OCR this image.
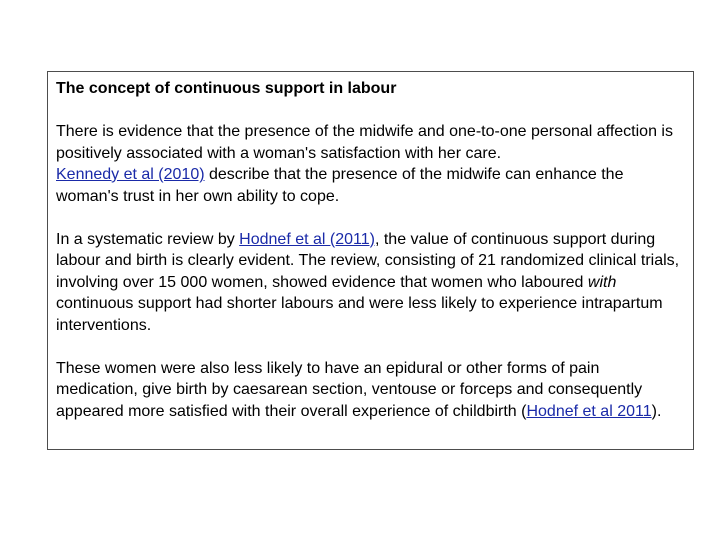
The concept of continuous support in labour

There is evidence that the presence of the midwife and one-to-one personal affection is positively associated with a woman's satisfaction with her care.
Kennedy et al (2010) describe that the presence of the midwife can enhance the woman's trust in her own ability to cope.

In a systematic review by Hodnef et al (2011), the value of continuous support during labour and birth is clearly evident. The review, consisting of 21 randomized clinical trials, involving over 15 000 women, showed evidence that women who laboured with continuous support had shorter labours and were less likely to experience intrapartum interventions.

These women were also less likely to have an epidural or other forms of pain medication, give birth by caesarean section, ventouse or forceps and consequently appeared more satisfied with their overall experience of childbirth (Hodnef et al 2011).
